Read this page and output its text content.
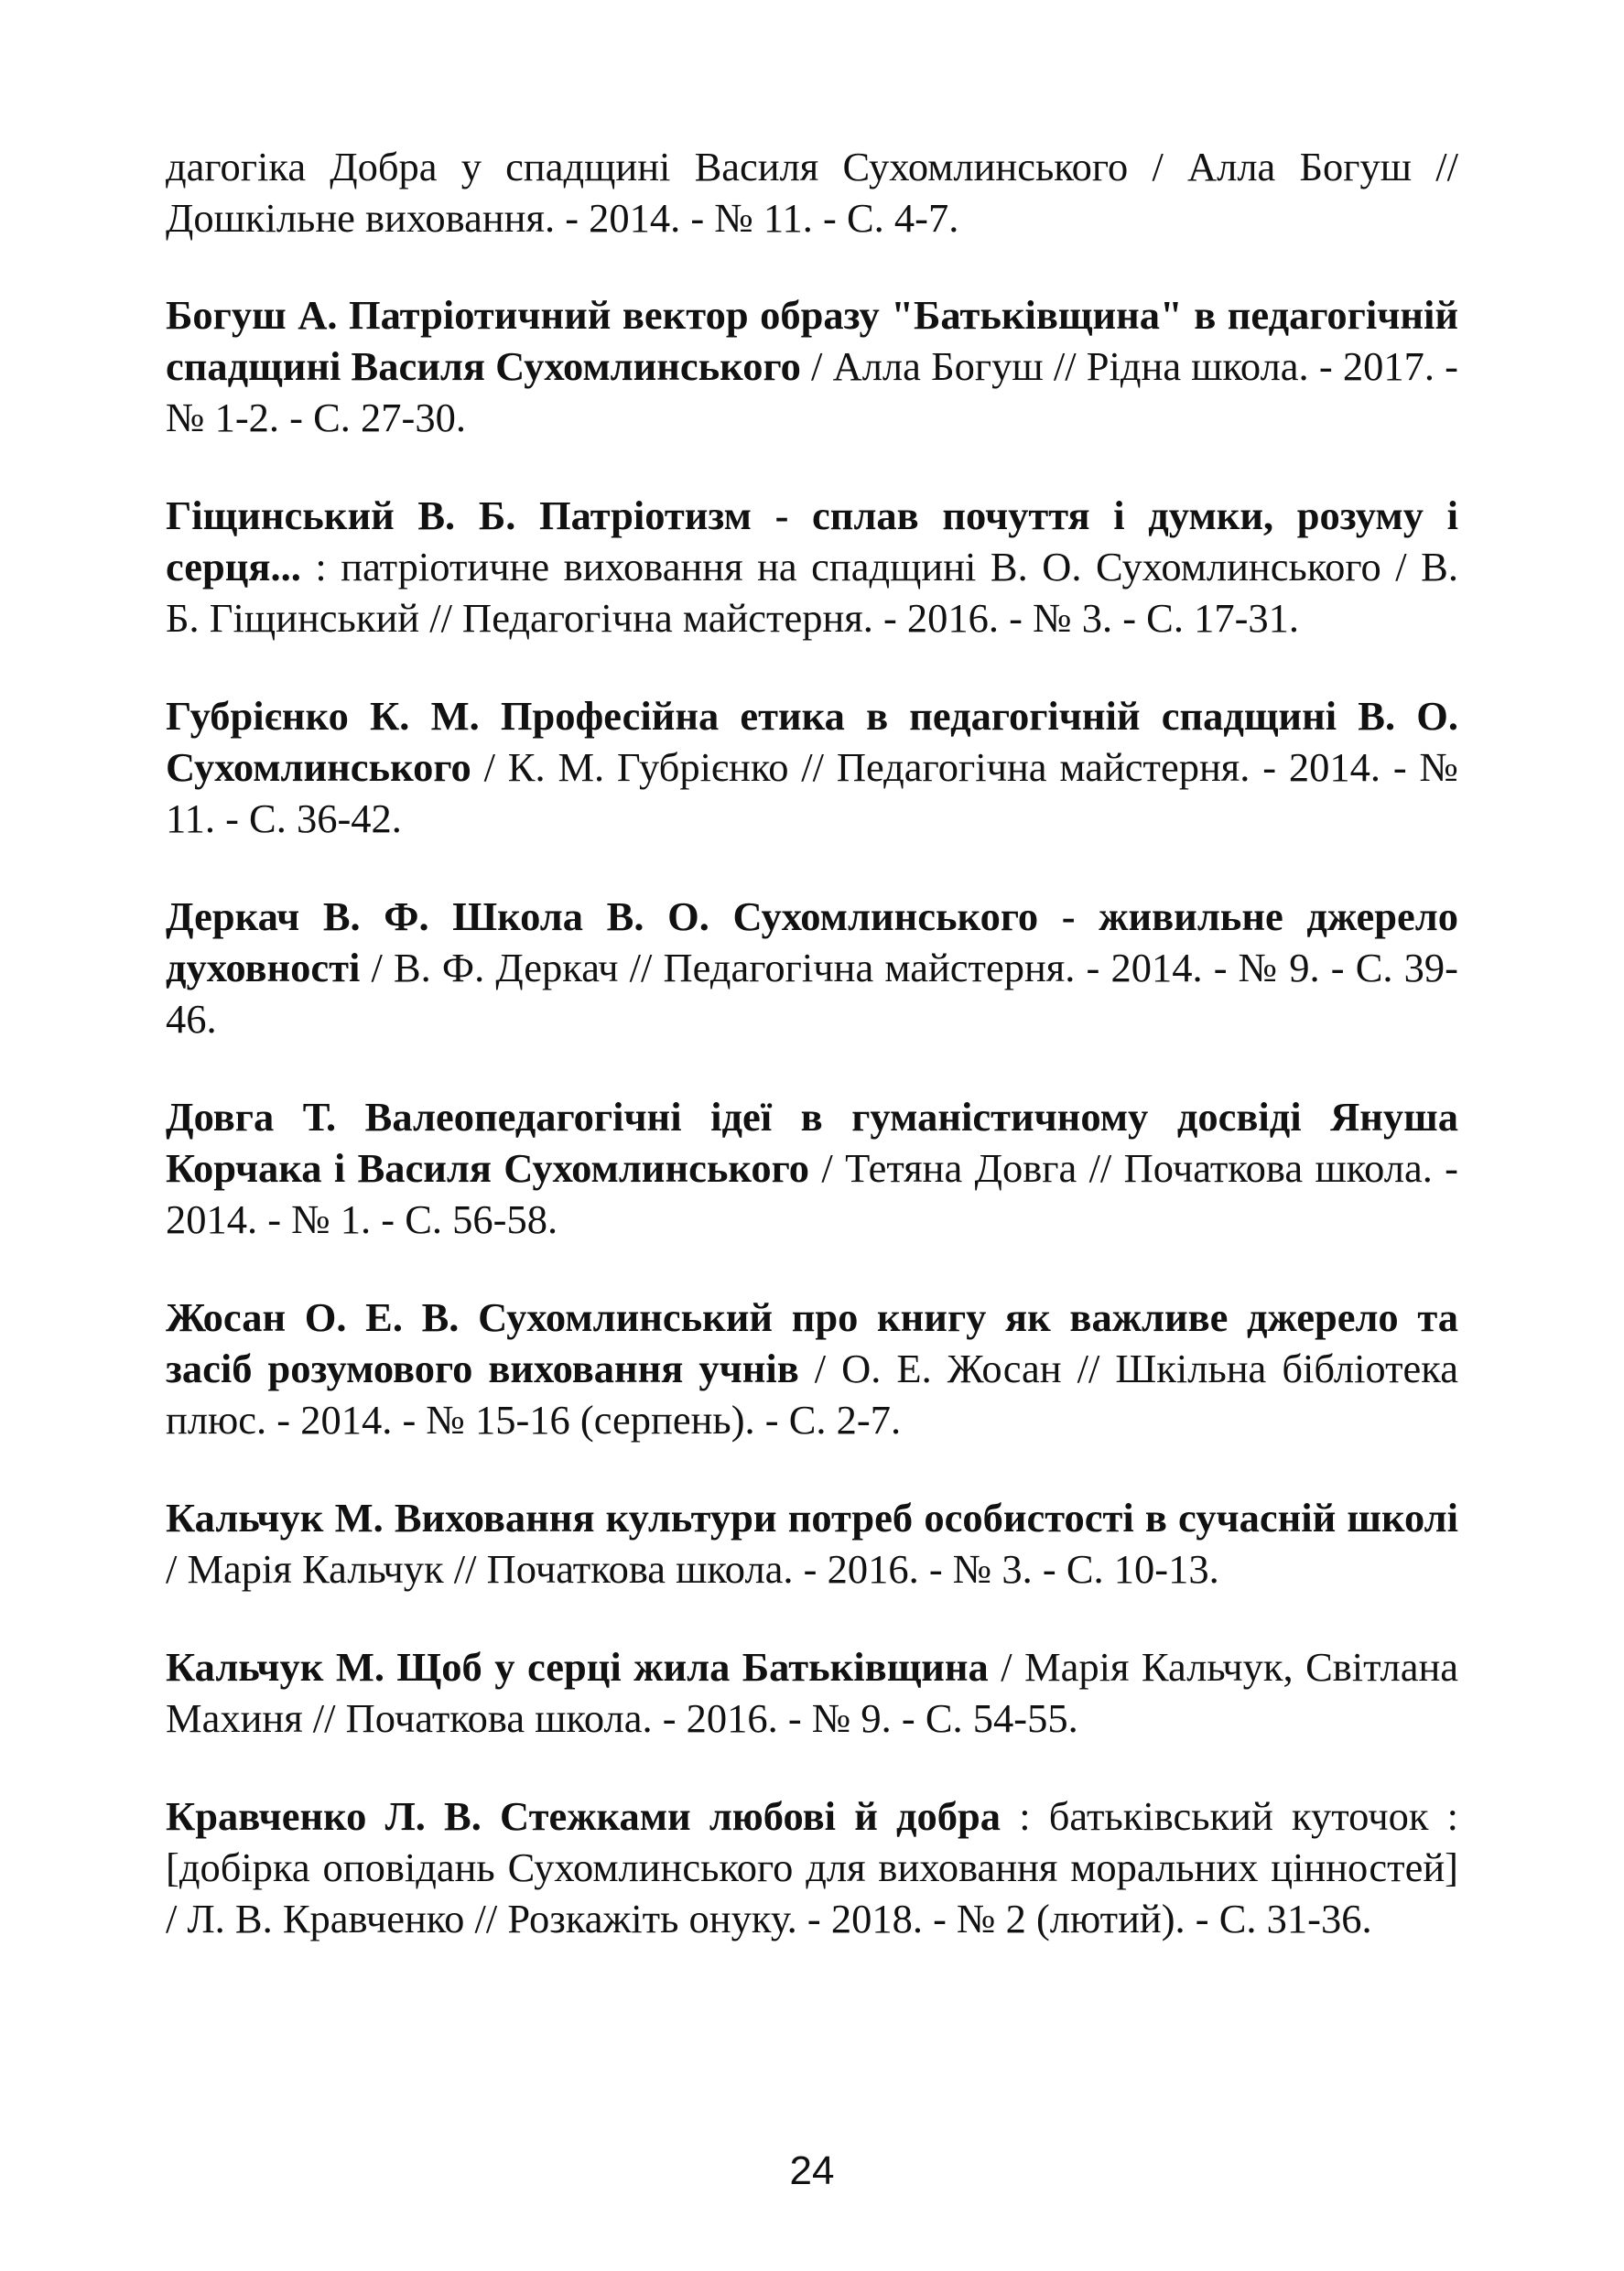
дагогіка Добра у спадщині Василя Сухомлинського / Алла Богуш // Дошкільне виховання. - 2014. - № 11. - С. 4-7.

Богуш А. Патріотичний вектор образу "Батьківщина" в педагогічній спадщині Василя Сухомлинського / Алла Богуш // Рідна школа. - 2017. - № 1-2. - С. 27-30.

Гіщинський В. Б. Патріотизм - сплав почуття і думки, розуму і серця... : патріотичне виховання на спадщині В. О. Сухомлинського / В. Б. Гіщинський // Педагогічна майстерня. - 2016. - № 3. - С. 17-31.

Губрієнко К. М. Професійна етика в педагогічній спадщині В. О. Сухомлинського / К. М. Губрієнко // Педагогічна майстерня. - 2014. - № 11. - С. 36-42.

Деркач В. Ф. Школа В. О. Сухомлинського - живильне джерело духовності / В. Ф. Деркач // Педагогічна майстерня. - 2014. - № 9. - С. 39-46.

Довга Т. Валеопедагогічні ідеї в гуманістичному досвіді Януша Корчака і Василя Сухомлинського / Тетяна Довга // Початкова школа. - 2014. - № 1. - С. 56-58.

Жосан О. Е. В. Сухомлинський про книгу як важливе джерело та засіб розумового виховання учнів / О. Е. Жосан // Шкільна бібліотека плюс. - 2014. - № 15-16 (серпень). - С. 2-7.

Кальчук М. Виховання культури потреб особистості в сучасній школі / Марія Кальчук // Початкова школа. - 2016. - № 3. - С. 10-13.

Кальчук М. Щоб у серці жила Батьківщина / Марія Кальчук, Світлана Махиня // Початкова школа. - 2016. - № 9. - С. 54-55.

Кравченко Л. В. Стежками любові й добра : батьківський куточок : [добірка оповідань Сухомлинського для виховання моральних цінностей] / Л. В. Кравченко // Розкажіть онуку. - 2018. - № 2 (лютий). - С. 31-36.

24
